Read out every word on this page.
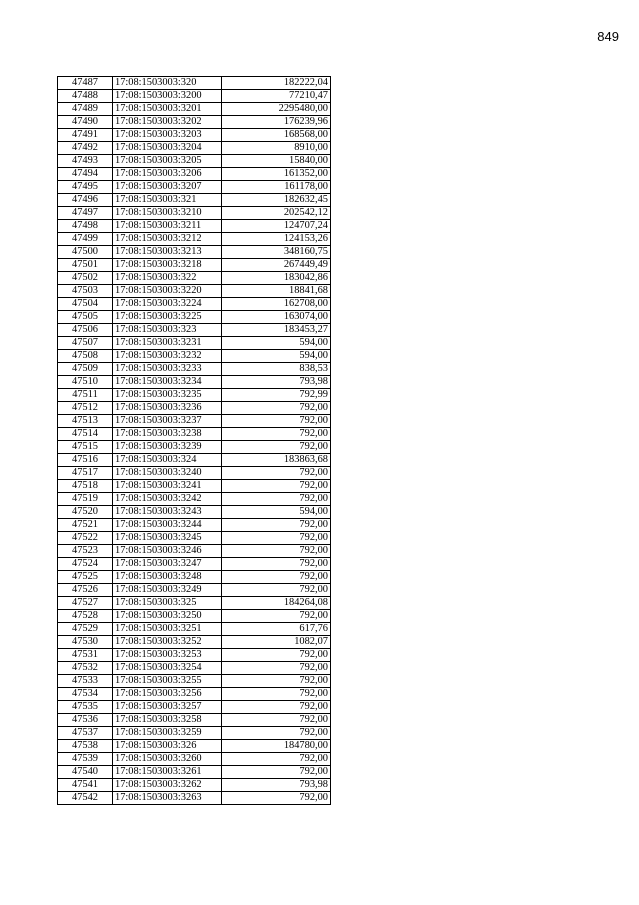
849
47487	17:08:1503003:320	182222,04
47488	17:08:1503003:3200	77210,47
47489	17:08:1503003:3201	2295480,00
47490	17:08:1503003:3202	176239,96
47491	17:08:1503003:3203	168568,00
47492	17:08:1503003:3204	8910,00
47493	17:08:1503003:3205	15840,00
47494	17:08:1503003:3206	161352,00
47495	17:08:1503003:3207	161178,00
47496	17:08:1503003:321	182632,45
47497	17:08:1503003:3210	202542,12
47498	17:08:1503003:3211	124707,24
47499	17:08:1503003:3212	124153,26
47500	17:08:1503003:3213	348160,75
47501	17:08:1503003:3218	267449,49
47502	17:08:1503003:322	183042,86
47503	17:08:1503003:3220	18841,68
47504	17:08:1503003:3224	162708,00
47505	17:08:1503003:3225	163074,00
47506	17:08:1503003:323	183453,27
47507	17:08:1503003:3231	594,00
47508	17:08:1503003:3232	594,00
47509	17:08:1503003:3233	838,53
47510	17:08:1503003:3234	793,98
47511	17:08:1503003:3235	792,99
47512	17:08:1503003:3236	792,00
47513	17:08:1503003:3237	792,00
47514	17:08:1503003:3238	792,00
47515	17:08:1503003:3239	792,00
47516	17:08:1503003:324	183863,68
47517	17:08:1503003:3240	792,00
47518	17:08:1503003:3241	792,00
47519	17:08:1503003:3242	792,00
47520	17:08:1503003:3243	594,00
47521	17:08:1503003:3244	792,00
47522	17:08:1503003:3245	792,00
47523	17:08:1503003:3246	792,00
47524	17:08:1503003:3247	792,00
47525	17:08:1503003:3248	792,00
47526	17:08:1503003:3249	792,00
47527	17:08:1503003:325	184264,08
47528	17:08:1503003:3250	792,00
47529	17:08:1503003:3251	617,76
47530	17:08:1503003:3252	1082,07
47531	17:08:1503003:3253	792,00
47532	17:08:1503003:3254	792,00
47533	17:08:1503003:3255	792,00
47534	17:08:1503003:3256	792,00
47535	17:08:1503003:3257	792,00
47536	17:08:1503003:3258	792,00
47537	17:08:1503003:3259	792,00
47538	17:08:1503003:326	184780,00
47539	17:08:1503003:3260	792,00
47540	17:08:1503003:3261	792,00
47541	17:08:1503003:3262	793,98
47542	17:08:1503003:3263	792,00
